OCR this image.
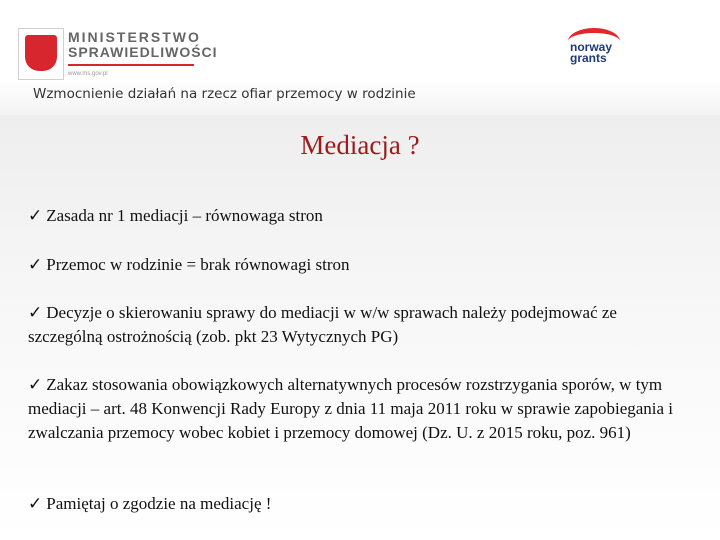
MINISTERSTWO
SPRAWIEDLIWOŚCI
www.ms.gov.pl
Wzmocnienie działań na rzecz ofiar przemocy w rodzinie
norway
grants
Mediacja ?
✓ Zasada nr 1 mediacji – równowaga stron
✓ Przemoc w rodzinie = brak równowagi stron
✓ Decyzje o skierowaniu sprawy do mediacji w w/w sprawach należy podejmować ze szczególną ostrożnością (zob. pkt 23 Wytycznych PG)
✓ Zakaz stosowania obowiązkowych alternatywnych procesów rozstrzygania sporów, w tym mediacji – art. 48 Konwencji Rady Europy z dnia 11 maja 2011 roku w sprawie zapobiegania i zwalczania przemocy wobec kobiet i przemocy domowej (Dz. U. z 2015 roku, poz. 961)
✓ Pamiętaj o zgodzie na mediację !
